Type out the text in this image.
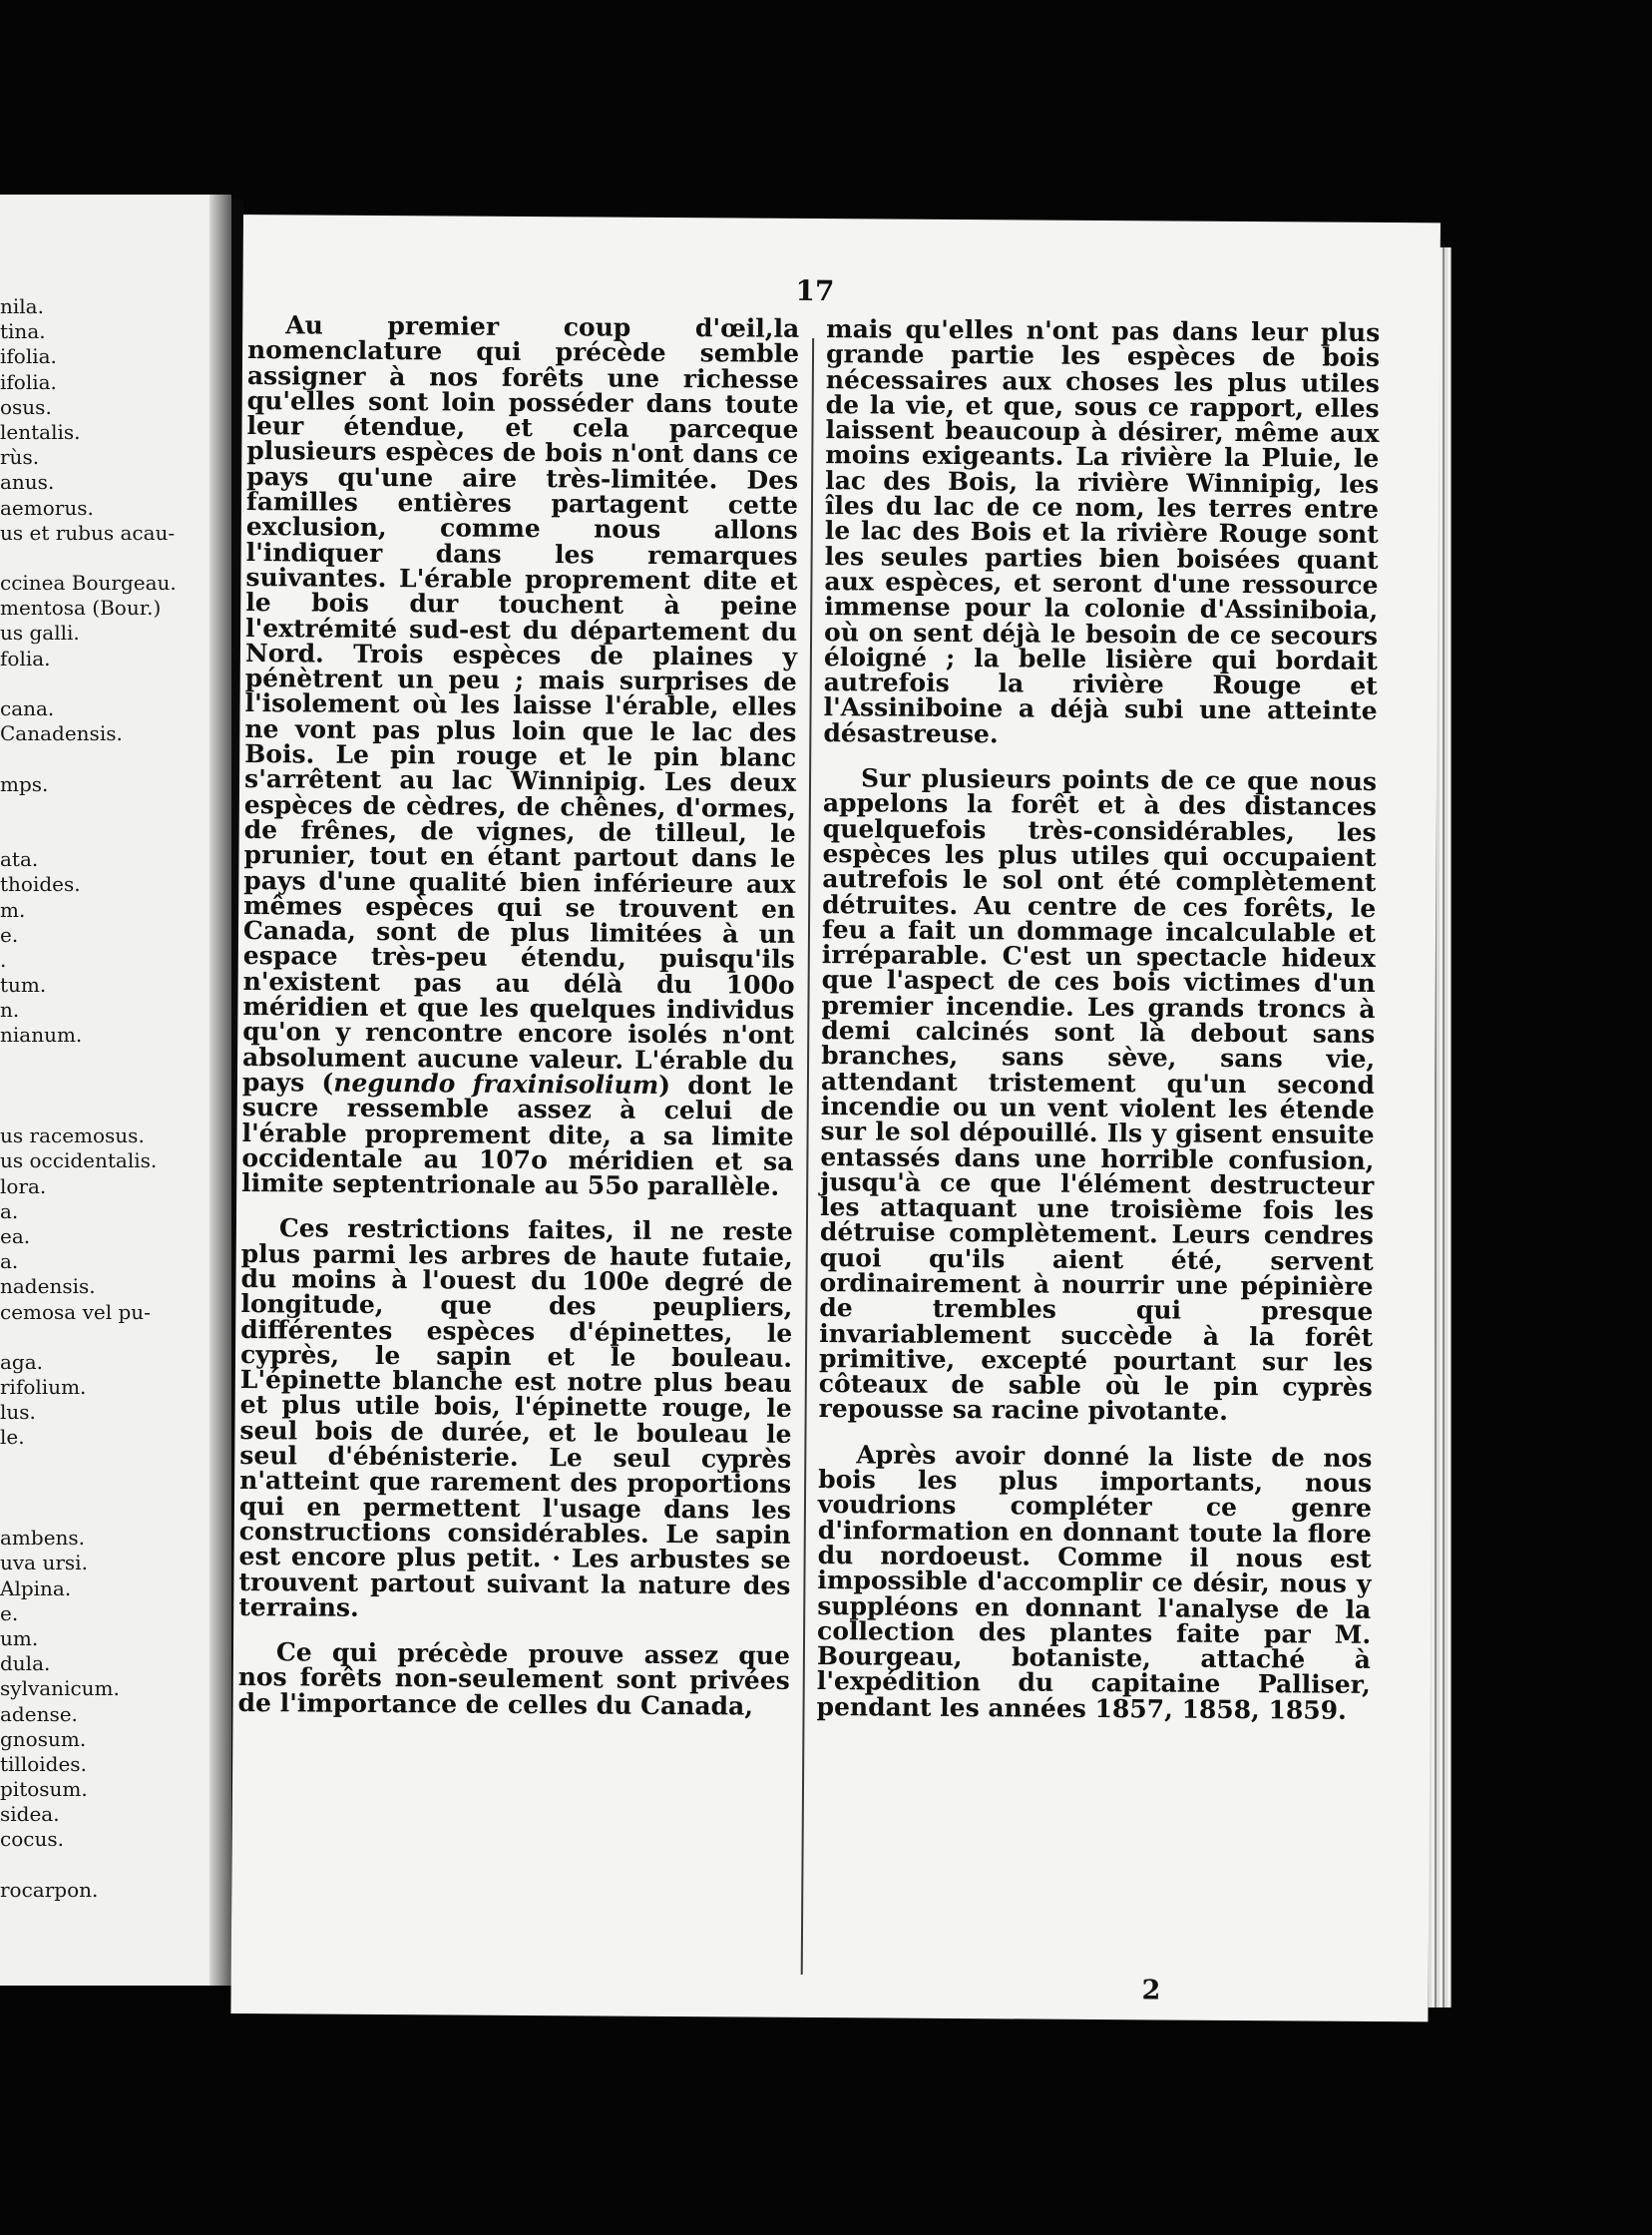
nila.
tina.
ifolia.
ifolia.
osus.
lentalis.
rùs.
anus.
aemorus.
us et rubus acau-
ccinea Bourgeau.
mentosa (Bour.)
us galli.
folia.
cana.
Canadensis.
mps.
ata.
thoides.
m.
e.
.
tum.
n.
nianum.
us racemosus.
us occidentalis.
lora.
a.
ea.
a.
nadensis.
cemosa vel pu-
aga.
rifolium.
lus.
le.
ambens.
uva ursi.
Alpina.
e.
um.
dula.
sylvanicum.
adense.
gnosum.
tilloides.
pitosum.
sidea.
cocus.
rocarpon.
17

Au premier coup d'œil,la nomenclature qui précède semble assigner à nos forêts une richesse qu'elles sont loin posséder dans toute leur étendue, et cela parceque plusieurs espèces de bois n'ont dans ce pays qu'une aire très-limitée. Des familles entières partagent cette exclusion, comme nous allons l'indiquer dans les remarques suivantes. L'érable proprement dite et le bois dur touchent à peine l'extrémité sud-est du département du Nord. Trois espèces de plaines y pénètrent un peu ; mais surprises de l'isolement où les laisse l'érable, elles ne vont pas plus loin que le lac des Bois. Le pin rouge et le pin blanc s'arrêtent au lac Winnipig. Les deux espèces de cèdres, de chênes, d'ormes, de frênes, de vignes, de tilleul, le prunier, tout en étant partout dans le pays d'une qualité bien inférieure aux mêmes espèces qui se trouvent en Canada, sont de plus limitées à un espace très-peu étendu, puisqu'ils n'existent pas au délà du 100o méridien et que les quelques individus qu'on y rencontre encore isolés n'ont absolument aucune valeur. L'érable du pays (negundo fraxinisolium) dont le sucre ressemble assez à celui de l'érable proprement dite, a sa limite occidentale au 107o méridien et sa limite septentrionale au 55o parallèle.

Ces restrictions faites, il ne reste plus parmi les arbres de haute futaie, du moins à l'ouest du 100e degré de longitude, que des peupliers, différentes espèces d'épinettes, le cyprès, le sapin et le bouleau. L'épinette blanche est notre plus beau et plus utile bois, l'épinette rouge, le seul bois de durée, et le bouleau le seul d'ébénisterie. Le seul cyprès n'atteint que rarement des proportions qui en permettent l'usage dans les constructions considérables. Le sapin est encore plus petit. · Les arbustes se trouvent partout suivant la nature des terrains.

Ce qui précède prouve assez que nos forêts non-seulement sont privées de l'importance de celles du Canada,

mais qu'elles n'ont pas dans leur plus grande partie les espèces de bois nécessaires aux choses les plus utiles de la vie, et que, sous ce rapport, elles laissent beaucoup à désirer, même aux moins exigeants. La rivière la Pluie, le lac des Bois, la rivière Winnipig, les îles du lac de ce nom, les terres entre le lac des Bois et la rivière Rouge sont les seules parties bien boisées quant aux espèces, et seront d'une ressource immense pour la colonie d'Assiniboia, où on sent déjà le besoin de ce secours éloigné ; la belle lisière qui bordait autrefois la rivière Rouge et l'Assiniboine a déjà subi une atteinte désastreuse.

Sur plusieurs points de ce que nous appelons la forêt et à des distances quelquefois très-considérables, les espèces les plus utiles qui occupaient autrefois le sol ont été complètement détruites. Au centre de ces forêts, le feu a fait un dommage incalculable et irréparable. C'est un spectacle hideux que l'aspect de ces bois victimes d'un premier incendie. Les grands troncs à demi calcinés sont là debout sans branches, sans sève, sans vie, attendant tristement qu'un second incendie ou un vent violent les étende sur le sol dépouillé. Ils y gisent ensuite entassés dans une horrible confusion, jusqu'à ce que l'élément destructeur les attaquant une troisième fois les détruise complètement. Leurs cendres quoi qu'ils aient été, servent ordinairement à nourrir une pépinière de trembles qui presque invariablement succède à la forêt primitive, excepté pourtant sur les côteaux de sable où le pin cyprès repousse sa racine pivotante.

Après avoir donné la liste de nos bois les plus importants, nous voudrions compléter ce genre d'information en donnant toute la flore du nordoeust. Comme il nous est impossible d'accomplir ce désir, nous y suppléons en donnant l'analyse de la collection des plantes faite par M. Bourgeau, botaniste, attaché à l'expédition du capitaine Palliser, pendant les années 1857, 1858, 1859.

2
